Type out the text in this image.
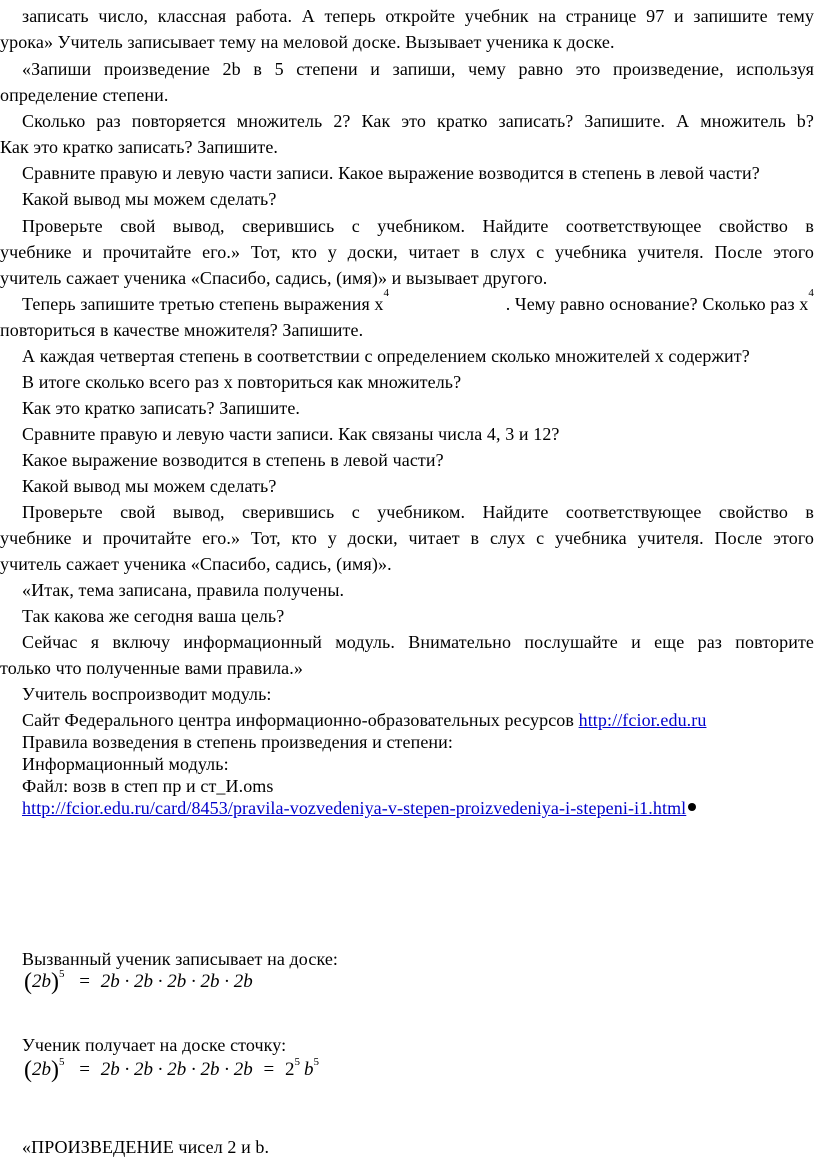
записать число, классная работа. А теперь откройте учебник на странице 97 и запишите тему
урока» Учитель записывает тему на меловой доске. Вызывает ученика к доске.
«Запиши произведение 2b в 5 степени и запиши, чему равно это произведение, используя
определение степени.
Сколько раз повторяется множитель 2? Как это кратко записать? Запишите. А множитель b?
Как это кратко записать? Запишите.
Сравните правую и левую части записи. Какое выражение возводится в степень в левой части?
Какой вывод мы можем сделать?
Проверьте свой вывод, сверившись с учебником. Найдите соответствующее свойство в
учебнике и прочитайте его.» Тот, кто у доски, читает в слух с учебника учителя. После этого
учитель сажает ученика «Спасибо, садись, (имя)» и вызывает другого.
Теперь запишите третью степень выражения x
4
. Чему равно основание? Сколько раз x
4
повториться в качестве множителя? Запишите.
А каждая четвертая степень в соответствии с определением сколько множителей x содержит?
В итоге сколько всего раз x повториться как множитель?
Как это кратко записать? Запишите.
Сравните правую и левую части записи. Как связаны числа 4, 3 и 12?
Какое выражение возводится в степень в левой части?
Какой вывод мы можем сделать?
Проверьте свой вывод, сверившись с учебником. Найдите соответствующее свойство в
учебнике и прочитайте его.» Тот, кто у доски, читает в слух с учебника учителя. После этого
учитель сажает ученика «Спасибо, садись, (имя)».
«Итак, тема записана, правила получены.
Так какова же сегодня ваша цель?
Сейчас я включу информационный модуль. Внимательно послушайте и еще раз повторите
только что полученные вами правила.»
Учитель воспроизводит модуль:
Сайт Федерального центра информационно-образовательных ресурсов http://fcior.edu.ru
Правила возведения в степень произведения и степени:
Информационный модуль:
Файл: возв в степ пр и ст_И.oms
http://fcior.edu.ru/card/8453/pravila-vozvedeniya-v-stepen-proizvedeniya-i-stepeni-i1.html
Вызванный ученик записывает на доске:
$(2b)^5 = 2b \cdot 2b \cdot 2b \cdot 2b \cdot 2b$
Ученик получает на доске сточку:
$(2b)^5 = 2b \cdot 2b \cdot 2b \cdot 2b \cdot 2b = 2^5$ $b^5$
«ПРОИЗВЕДЕНИЕ чисел 2 и b.
